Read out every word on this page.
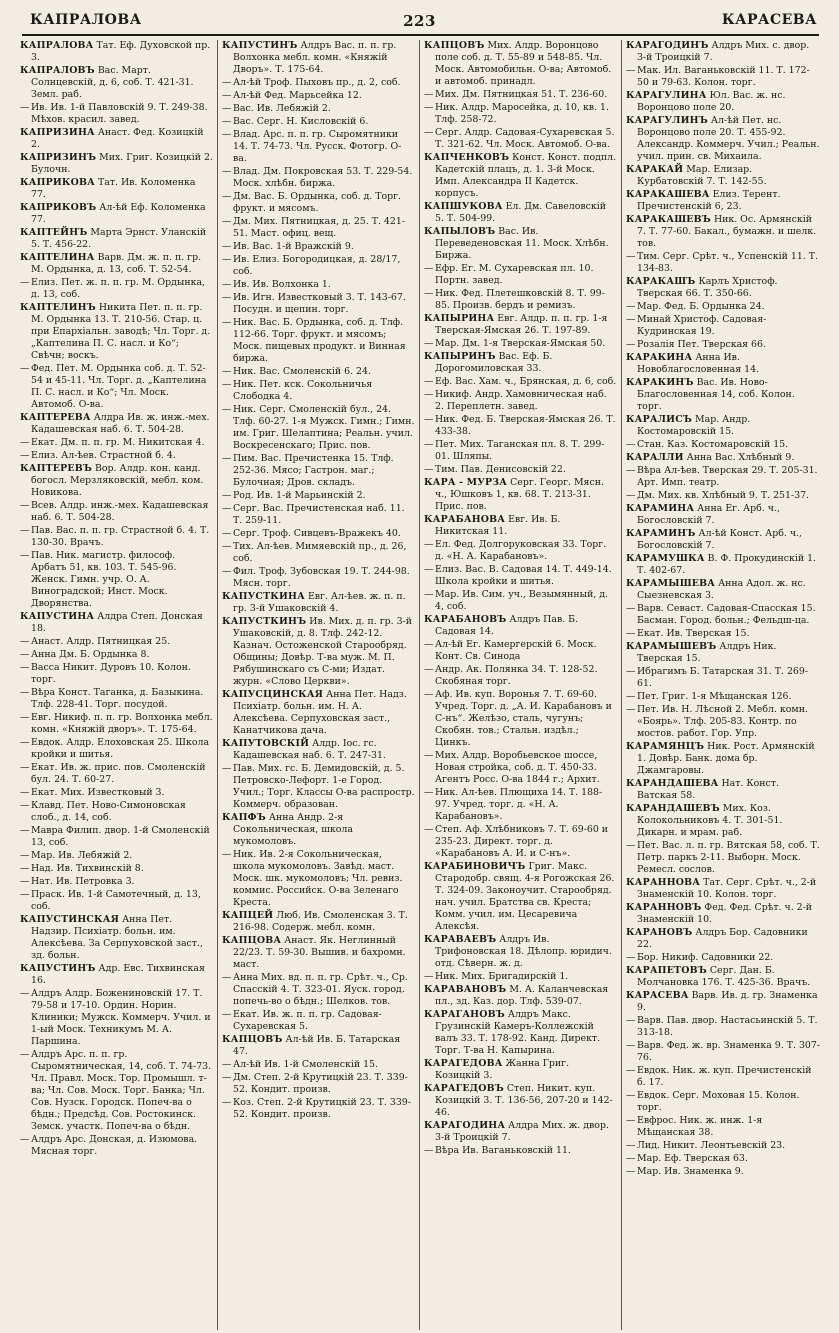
КАПРАЛОВА	223	КАРАСЕВА
КАПРАЛОВА Тат. Еф. Духовской пр. 3.
КАПРАЛОВЪ Вас. Март. Солнцевскій, д. 6, соб. Т. 421-31. Земл. раб.
— Ив. Ив. 1-й Павловскій 9. Т. 249-38. Мѣхов. красил. завед.
КАПРИЗИНА Анаст. Фед. Козицкій 2.
КАПРИЗИНЪ Мих. Григ. Козицкій 2. Булочн.
КАПРИКОВА Тат. Ив. Коломенка 77.
КАПРИКОВЪ Ал-ѣй Еф. Коломенка 77.
КАПТЕЙНЪ Марта Эрнст. Уланскій 5. Т. 456-22.
КАПТЕЛИНА Варв. Дм. ж. п. п. гр. М. Ордынка, д. 13, соб. Т. 52-54.
— Елиз. Пет. ж. п. п. гр. М. Ордынка, д. 13, соб.
КАПТЕЛИНЪ Никита Пет. п. п. гр. М. Ордынка 13. Т. 210-56. Стар. ц. при Епархіальн. заводѣ; Чл. Торг. д. „Каптелина П. С. насл. и Ко“; Свѣчн; воскъ.
— Фед. Пет. М. Ордынка соб. д. Т. 52-54 и 45-11. Чл. Торг. д. „Каптелина П. С. насл. и Ко“; Чл. Моск. Автомоб. О-ва.
КАПТЕРЕВА Алдра Ив. ж. инж.-мех. Кадашевская наб. 6. Т. 504-28.
— Екат. Дм. п. п. гр. М. Никитская 4.
— Елиз. Ал-ѣев. Страстной б. 4.
КАПТЕРЕВЪ Вор. Алдр. кон. канд. богосл. Мерзляковскій, мебл. ком. Новикова.
— Всев. Алдр. инж.-мех. Кадашевская наб. 6. Т. 504-28.
— Пав. Вас. п. п. гр. Страстной б. 4. Т. 130-30. Врачъ.
— Пав. Ник. магистр. философ. Арбатъ 51, кв. 103. Т. 545-96. Женск. Гимн. учр. О. А. Виноградской; Инст. Моск. Дворянства.
КАПУСТИНА Алдра Степ. Донская 18.
— Анаст. Алдр. Пятницкая 25.
— Анна Дм. Б. Ордынка 8.
— Васса Никит. Дуровъ 10. Колон. торг.
— Вѣра Конст. Таганка, д. Базыкина. Тлф. 228-41. Торг. посудой.
— Евг. Никиф. п. п. гр. Волхонка мебл. комн. «Княжій дворъ». Т. 175-64.
— Евдок. Алдр. Елоховская 25. Школа кройки и шитья.
— Екат. Ив. ж. прис. пов. Смоленскій бул. 24. Т. 60-27.
— Екат. Мих. Известковый 3.
— Клавд. Пет. Ново-Симоновская слоб., д. 14, соб.
— Мавра Филип. двор. 1-й Смоленскій 13, соб.
— Мар. Ив. Лебяжій 2.
— Над. Ив. Тихвинскій 8.
— Нат. Ив. Петровка 3.
— Праск. Ив. 1-й Самотечный, д. 13, соб.
КАПУСТИНСКАЯ Анна Пет. Надзир. Психіатр. больн. им. Алексѣева. За Серпуховской заст., зд. больн.
КАПУСТИНЪ Адр. Евс. Тихвинская 16.
— Алдръ Алдр. Божениновскій 17. Т. 79-58 и 17-10. Ордин. Норин. Клиники; Мужск. Коммерч. Учил. и 1-ый Моск. Техникумъ М. А. Паршина.
— Алдръ Арс. п. п. гр. Сыромятническая, 14, соб. Т. 74-73. Чл. Правл. Моск. Тор. Промышл. т-ва; Чл. Сов. Моск. Торг. Банка; Чл. Сов. Нузск. Городск. Попеч-ва о бѣдн.; Предсѣд. Сов. Ростокинск. Земск. участк. Попеч-ва о бѣдн.
— Алдръ Арс. Донская, д. Изюмова. Мясная торг.
КАПУСТИНЪ Алдръ Вас. п. п. гр. Волхонка мебл. комн. «Княжій Дворъ». Т. 175-64.
— Ал-ѣй Троф. Пыховъ пр., д. 2, соб.
— Ал-ѣй Фед. Марьсейка 12.
— Вас. Ив. Лебяжій 2.
— Вас. Серг. Н. Кисловскій 6.
— Влад. Арс. п. п. гр. Сыромятники 14. Т. 74-73. Чл. Русск. Фотогр. О-ва.
— Влад. Дм. Покровская 53. Т. 229-54. Моск. хлѣбн. биржа.
— Дм. Вас. Б. Ордынка, соб. д. Торг. фрукт. и мясомъ.
— Дм. Мих. Пятницкая, д. 25. Т. 421-51. Маст. офиц. вещ.
— Ив. Вас. 1-й Вражскій 9.
— Ив. Елиз. Богородицкая, д. 28/17, соб.
— Ив. Ив. Волхонка 1.
— Ив. Игн. Известковый 3. Т. 143-67. Посудн. и щепин. торг.
— Ник. Вас. Б. Ордынка, соб. д. Тлф. 112-66. Торг. фрукт. и мясомъ; Моск. пищевых продукт. и Винная биржа.
— Ник. Вас. Смоленскій 6. 24.
— Ник. Пет. кск. Сокольничья Слободка 4.
— Ник. Серг. Смоленскій бул., 24. Тлф. 60-27. 1-я Мужск. Гимн.; Гимн. им. Григ. Шелаптина; Реальн. учил. Воскресенскаго; Прис. пов.
— Пим. Вас. Пречистенка 15. Тлф. 252-36. Мясо; Гастрон. маг.; Булочная; Дров. складъ.
— Род. Ив. 1-й Марьинскій 2.
— Серг. Вас. Пречистенская наб. 11. Т. 259-11.
— Серг. Троф. Сивцевъ-Вражекъ 40.
— Тих. Ал-ѣев. Мимяевскій пр., д. 26, соб.
— Фил. Троф. Зубовская 19. Т. 244-98. Мясн. торг.
КАПУСТКИНА Евг. Ал-ѣев. ж. п. п. гр. 3-й Ушаковскій 4.
КАПУСТКИНЪ Ив. Мих. д. п. гр. 3-й Ушаковскій, д. 8. Тлф. 242-12. Казнач. Остоженской Старообряд. Общины; Довѣр. Т-ва муж. М. П. Рябушинскаго съ С-ми; Издат. журн. «Слово Церкви».
КАПУСЦИНСКАЯ Анна Пет. Надз. Психіатр. больн. им. Н. А. Алексѣева. Серпуховская заст., Канатчикова дача.
КАПУТОВСКІЙ Алдр. Іос. гс. Кадашевская наб. 6. Т. 247-31.
— Пав. Мих. гс. Б. Демидовскій, д. 5. Петровско-Лефорт. 1-е Город. Учил.; Торг. Классы О-ва распростр. Коммерч. образован.
КАПФЪ Анна Андр. 2-я Сокольническая, школа мукомоловъ.
— Ник. Ив. 2-я Сокольническая, школа мукомоловъ. Завѣд. маст. Моск. шк. мукомоловъ; Чл. ревиз. коммис. Российск. О-ва Зеленаго Креста.
КАПЦЕЙ Люб. Ив. Смоленская 3. Т. 216-98. Содерж. мебл. комн.
КАПЦОВА Анаст. Як. Неглинный 22/23. Т. 59-30. Вышив. и бахромн. маст.
— Анна Мих. вд. п. п. гр. Срѣт. ч., Ср. Спасскій 4. Т. 323-01. Яуск. город. попечь-во о бѣдн.; Шелков. тов.
— Екат. Ив. ж. п. п. гр. Садовая-Сухаревская 5.
КАПЦОВЪ Ал-ѣй Ив. Б. Татарская 47.
— Ал-ѣй Ив. 1-й Смоленскій 15.
— Дм. Степ. 2-й Крутицкій 23. Т. 339-52. Кондит. произв.
— Коз. Степ. 2-й Крутицкій 23. Т. 339-52. Кондит. произв.
КАПЦОВЪ Мих. Алдр. Воронцово поле соб. д. Т. 55-89 и 548-85. Чл. Моск. Автомобильн. О-ва; Автомоб. и автомоб. принадл.
— Мих. Дм. Пятницкая 51. Т. 236-60.
— Ник. Алдр. Маросейка, д. 10, кв. 1. Тлф. 258-72.
— Серг. Алдр. Садовая-Сухаревская 5. Т. 321-62. Чл. Моск. Автомоб. О-ва.
КАПЧЕНКОВЪ Конст. Конст. подпл. Кадетскій плацъ, д. 1. 3-й Моск. Имп. Александра II Кадетск. корпусъ.
КАПШУКОВА Ел. Дм. Савеловскій 5. Т. 504-99.
КАПЫЛОВЪ Вас. Ив. Переведеновская 11. Моск. Хлѣбн. Биржа.
— Ефр. Ег. М. Сухаревская пл. 10. Портн. завед.
— Ник. Фед. Плетешковскій 8. Т. 99-85. Произв. бердъ и ремизъ.
КАПЫРИНА Евг. Алдр. п. п. гр. 1-я Тверская-Ямская 26. Т. 197-89.
— Мар. Дм. 1-я Тверская-Ямская 50.
КАПЫРИНЪ Вас. Еф. Б. Дорогомиловская 33.
— Еф. Вас. Хам. ч., Брянская, д. 6, соб.
— Никиф. Андр. Хамовническая наб. 2. Переплетн. завед.
— Ник. Фед. Б. Тверская-Ямская 26. Т. 433-38.
— Пет. Мих. Таганская пл. 8. Т. 299-01. Шляпы.
— Тим. Пав. Денисовскій 22.
КАРА - МУРЗА Серг. Георг. Мясн. ч., Юшковъ 1, кв. 68. Т. 213-31. Прис. пов.
КАРАБАНОВА Евг. Ив. Б. Никитская 11.
— Ел. Фед. Долгоруковская 33. Торг. д. «Н. А. Карабановъ».
— Елиз. Вас. В. Садовая 14. Т. 449-14. Школа кройки и шитья.
— Мар. Ив. Сим. уч., Везымянный, д. 4, соб.
КАРАБАНОВЪ Алдръ Пав. Б. Садовая 14.
— Ал-ѣй Ег. Камергерскій 6. Моск. Конт. Св. Синода
— Андр. Ак. Полянка 34. Т. 128-52. Скобяная торг.
— Аф. Ив. куп. Воронья 7. Т. 69-60. Учред. Торг. д. „А. И. Карабановъ и С-нъ“. Желѣзо, сталь, чугунъ; Скобян. тов.; Стальн. издѣл.; Цинкъ.
— Мих. Алдр. Воробьевское шоссе, Новая стройка, соб. д. Т. 450-33. Агентъ Росс. О-ва 1844 г.; Архит.
— Ник. Ал-ѣев. Плющиха 14. Т. 188-97. Учред. торг. д. «Н. А. Карабановъ».
— Степ. Аф. Хлѣбниковъ 7. Т. 69-60 и 235-23. Директ. торг. д. «Карабановъ А. И. и С-нъ».
КАРАБИНОВИЧЪ Григ. Макс. Стародобр. свящ. 4-я Рогожская 26. Т. 324-09. Законоучит. Старообряд. нач. учил. Братства св. Креста; Комм. учил. им. Цесаревича Алексѣя.
КАРАВАЕВЪ Алдръ Ив. Трифоновская 18. Дѣлопр. юридич. отд. Сѣверн. ж. д.
— Ник. Мих. Бригадирскій 1.
КАРАВАНОВЪ М. А. Каланчевская пл., зд. Каз. дор. Тлф. 539-07.
КАРАГАНОВЪ Алдръ Макс. Грузинскій Камеръ-Коллежскій валъ 33. Т. 178-92. Канд. Директ. Торг. Т-ва Н. Капырина.
КАРАГЕДОВА Жанна Григ. Козицкій 3.
КАРАГЕДОВЪ Степ. Никит. куп. Козицкій 3. Т. 136-56, 207-20 и 142-46.
КАРАГОДИНА Алдра Мих. ж. двор. 3-й Троицкій 7.
— Вѣра Ив. Ваганьковскій 11.
КАРАГОДИНЪ Алдръ Мих. с. двор. 3-й Троицкій 7.
— Мак. Ил. Ваганьковскій 11. Т. 172-50 и 79-63. Колон. торг.
КАРАГУЛИНА Юл. Вас. ж. нс. Воронцово поле 20.
КАРАГУЛИНЪ Ал-ѣй Пет. нс. Воронцово поле 20. Т. 455-92. Александр. Коммерч. Учил.; Реальн. учил. прин. св. Михаила.
КАРАКАЙ Мар. Елизар. Курбатовскій 7. Т. 142-55.
КАРАКАШЕВА Елиз. Терент. Пречистенскій 6, 23.
КАРАКАШЕВЪ Ник. Ос. Армянскій 7. Т. 77-60. Бакал., бумажн. и шелк. тов.
— Тим. Серг. Срѣт. ч., Успенскій 11. Т. 134-83.
КАРАКАШЪ Карлъ Христоф. Тверская 66. Т. 350-66.
— Мар. Фед. Б. Ордынка 24.
— Минай Христоф. Садовая-Кудринская 19.
— Розалія Пет. Тверская 66.
КАРАКИНА Анна Ив. Новоблагословенная 14.
КАРАКИНЪ Вас. Ив. Ново-Благословенная 14, соб. Колон. торг.
КАРАЛИСЪ Мар. Андр. Костомаровскій 15.
— Стан. Каз. Костомаровскій 15.
КАРАЛЛИ Анна Вас. Хлѣбный 9.
— Вѣра Ал-ѣев. Тверская 29. Т. 205-31. Арт. Имп. театр.
— Дм. Мих. кв. Хлѣбный 9. Т. 251-37.
КАРАМИНА Анна Ег. Арб. ч., Богословскій 7.
КАРАМИНЪ Ал-ѣй Конст. Арб. ч., Богословскій 7.
КАРАМУШКА В. Ф. Прокудинскій 1. Т. 402-67.
КАРАМЫШЕВА Анна Адол. ж. нс. Сыезневская 3.
— Варв. Севаст. Садовая-Спасская 15. Басман. Город. больн.; Фельдш-ца.
— Екат. Ив. Тверская 15.
КАРАМЫШЕВЪ Алдръ Ник. Тверская 15.
— Ибрагимъ Б. Татарская 31. Т. 269-61.
— Пет. Григ. 1-я Мѣщанская 126.
— Пет. Ив. Н. Лѣсной 2. Мебл. комн. «Боярь». Тлф. 205-83. Контр. по мостов. работ. Гор. Упр.
КАРАМЯНЦЪ Ник. Рост. Армянскій 1. Довѣр. Банк. дома бр. Джамгаровы.
КАРАНДАШЕВА Нат. Конст. Ватская 58.
КАРАНДАШЕВЪ Мих. Коз. Колокольниковъ 4. Т. 301-51. Дикарн. и мрам. раб.
— Пет. Вас. л. п. гр. Вятская 58, соб. Т. Петр. паркъ 2-11. Выборн. Моск. Ремесл. сослов.
КАРАННОВА Тат. Серг. Срѣт. ч., 2-й Знаменскій 10. Колон. торг.
КАРАННОВЪ Фед. Фед. Срѣт. ч. 2-й Знаменскій 10.
КАРАНОВЪ Алдръ Бор. Садовники 22.
— Бор. Никиф. Садовники 22.
КАРАПЕТОВЪ Серг. Дан. Б. Молчановка 176. Т. 425-36. Врачъ.
КАРАСЕВА Варв. Ив. д. гр. Знаменка 9.
— Варв. Пав. двор. Настасьинскій 5. Т. 313-18.
— Варв. Фед. ж. вр. Знаменка 9. Т. 307-76.
— Евдок. Ник. ж. куп. Пречистенскій б. 17.
— Евдок. Серг. Моховая 15. Колон. торг.
— Евфрос. Ник. ж. инж. 1-я Мѣщанская 38.
— Лид. Никит. Леонтьевскій 23.
— Мар. Еф. Тверская 63.
— Мар. Ив. Знаменка 9.
